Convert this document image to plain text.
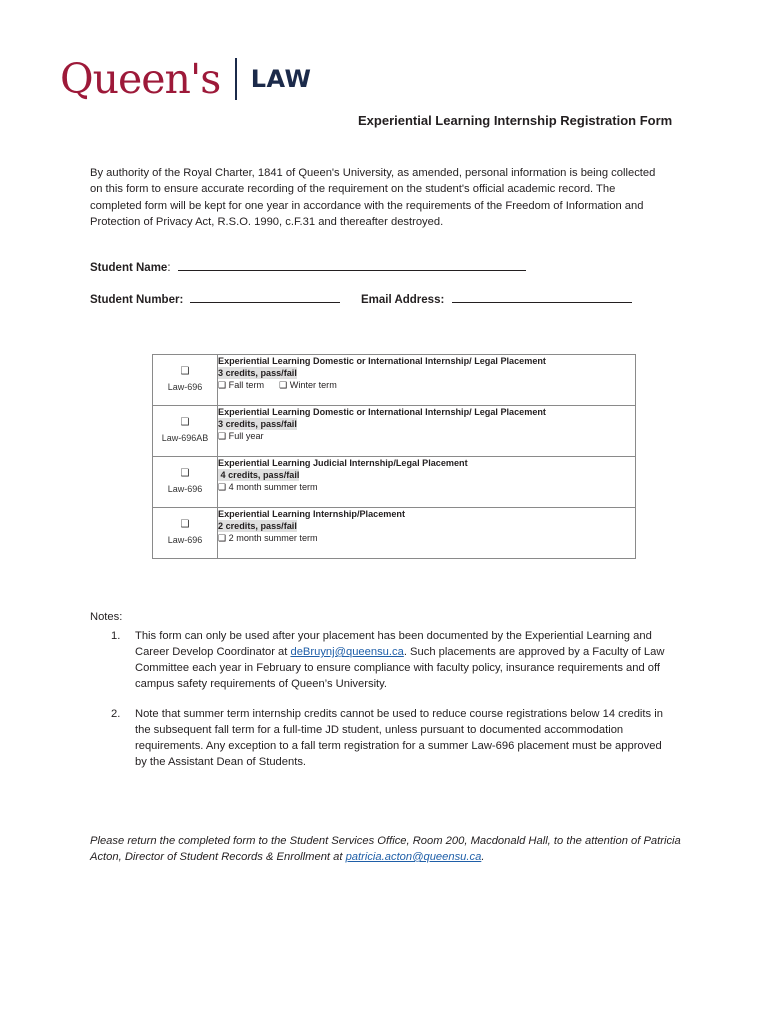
Queen's LAW
Experiential Learning Internship Registration Form

By authority of the Royal Charter, 1841 of Queen's University, as amended, personal information is being collected

on this form to ensure accurate recording of the requirement on the student's official academic record. The

completed form will be kept for one year in accordance with the requirements of the Freedom of Information and

Protection of Privacy Act, R.S.O. 1990, c.F.31 and thereafter destroyed.

Student Name:
Student Number:	Email Address:
❑
Law-696	Experiential Learning Domestic or International Internship/ Legal Placement
3 credits, pass/fail
❑ Fall term ❑ Winter term

❑
Law-696AB	Experiential Learning Domestic or International Internship/ Legal Placement
3 credits, pass/fail
❑ Full year

❑
Law-696	Experiential Learning Judicial Internship/Legal Placement
4 credits, pass/fail
❑ 4 month summer term

❑
Law-696	Experiential Learning Internship/Placement
2 credits, pass/fail
❑ 2 month summer term
Notes:
1. This form can only be used after your placement has been documented by the Experiential Learning and

Career Develop Coordinator at deBruynj@queensu.ca. Such placements are approved by a Faculty of Law

Committee each year in February to ensure compliance with faculty policy, insurance requirements and off

campus safety requirements of Queen’s University.

2. Note that summer term internship credits cannot be used to reduce course registrations below 14 credits in

the subsequent fall term for a full-time JD student, unless pursuant to documented accommodation

requirements. Any exception to a fall term registration for a summer Law-696 placement must be approved

by the Assistant Dean of Students.

Please return the completed form to the Student Services Office, Room 200, Macdonald Hall, to the attention of Patricia

Acton, Director of Student Records & Enrollment at patricia.acton@queensu.ca.
